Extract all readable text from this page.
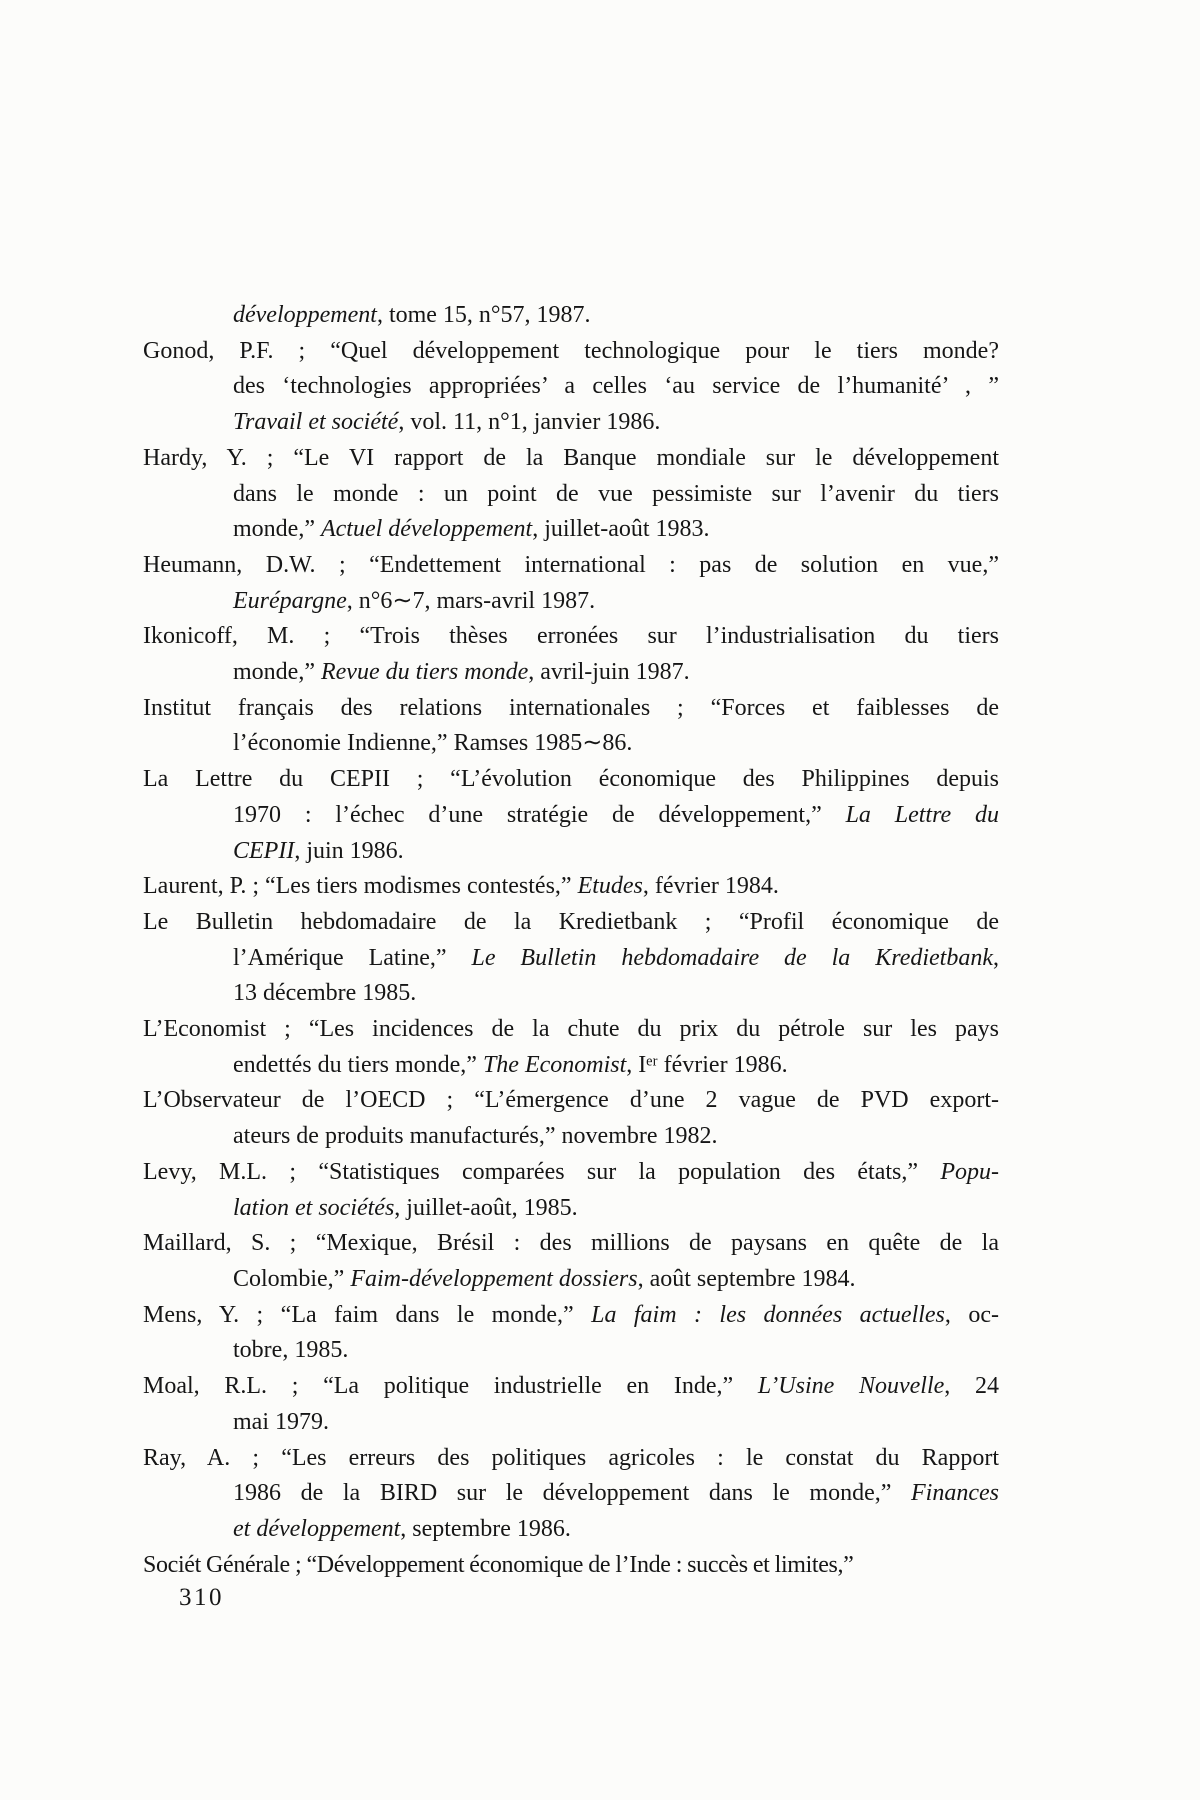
développement, tome 15, n°57, 1987.
Gonod, P.F. ; “Quel développement technologique pour le tiers monde?
des ‘technologies appropriées’ a celles ‘au service de l’humanité’ , ”
Travail et société, vol. 11, n°1, janvier 1986.
Hardy, Y. ; “Le VI rapport de la Banque mondiale sur le développement
dans le monde : un point de vue pessimiste sur l’avenir du tiers
monde,” Actuel développement, juillet-août 1983.
Heumann, D.W. ; “Endettement international : pas de solution en vue,”
Eurépargne, n°6∼7, mars-avril 1987.
Ikonicoff, M. ; “Trois thèses erronées sur l’industrialisation du tiers
monde,” Revue du tiers monde, avril-juin 1987.
Institut français des relations internationales ; “Forces et faiblesses de
l’économie Indienne,” Ramses 1985∼86.
La Lettre du CEPII ; “L’évolution économique des Philippines depuis
1970 : l’échec d’une stratégie de développement,” La Lettre du
CEPII, juin 1986.
Laurent, P. ; “Les tiers modismes contestés,” Etudes, février 1984.
Le Bulletin hebdomadaire de la Kredietbank ; “Profil économique de
l’Amérique Latine,” Le Bulletin hebdomadaire de la Kredietbank,
13 décembre 1985.
L’Economist ; “Les incidences de la chute du prix du pétrole sur les pays
endettés du tiers monde,” The Economist, Iᵉʳ février 1986.
L’Observateur de l’OECD ; “L’émergence d’une 2 vague de PVD export-
ateurs de produits manufacturés,” novembre 1982.
Levy, M.L. ; “Statistiques comparées sur la population des états,” Popu-
lation et sociétés, juillet-août, 1985.
Maillard, S. ; “Mexique, Brésil : des millions de paysans en quête de la
Colombie,” Faim-développement dossiers, août septembre 1984.
Mens, Y. ; “La faim dans le monde,” La faim : les données actuelles, oc-
tobre, 1985.
Moal, R.L. ; “La politique industrielle en Inde,” L’Usine Nouvelle, 24
mai 1979.
Ray, A. ; “Les erreurs des politiques agricoles : le constat du Rapport
1986 de la BIRD sur le développement dans le monde,” Finances
et développement, septembre 1986.
Sociét Générale ; “Développement économique de l’Inde : succès et limites,”
310
